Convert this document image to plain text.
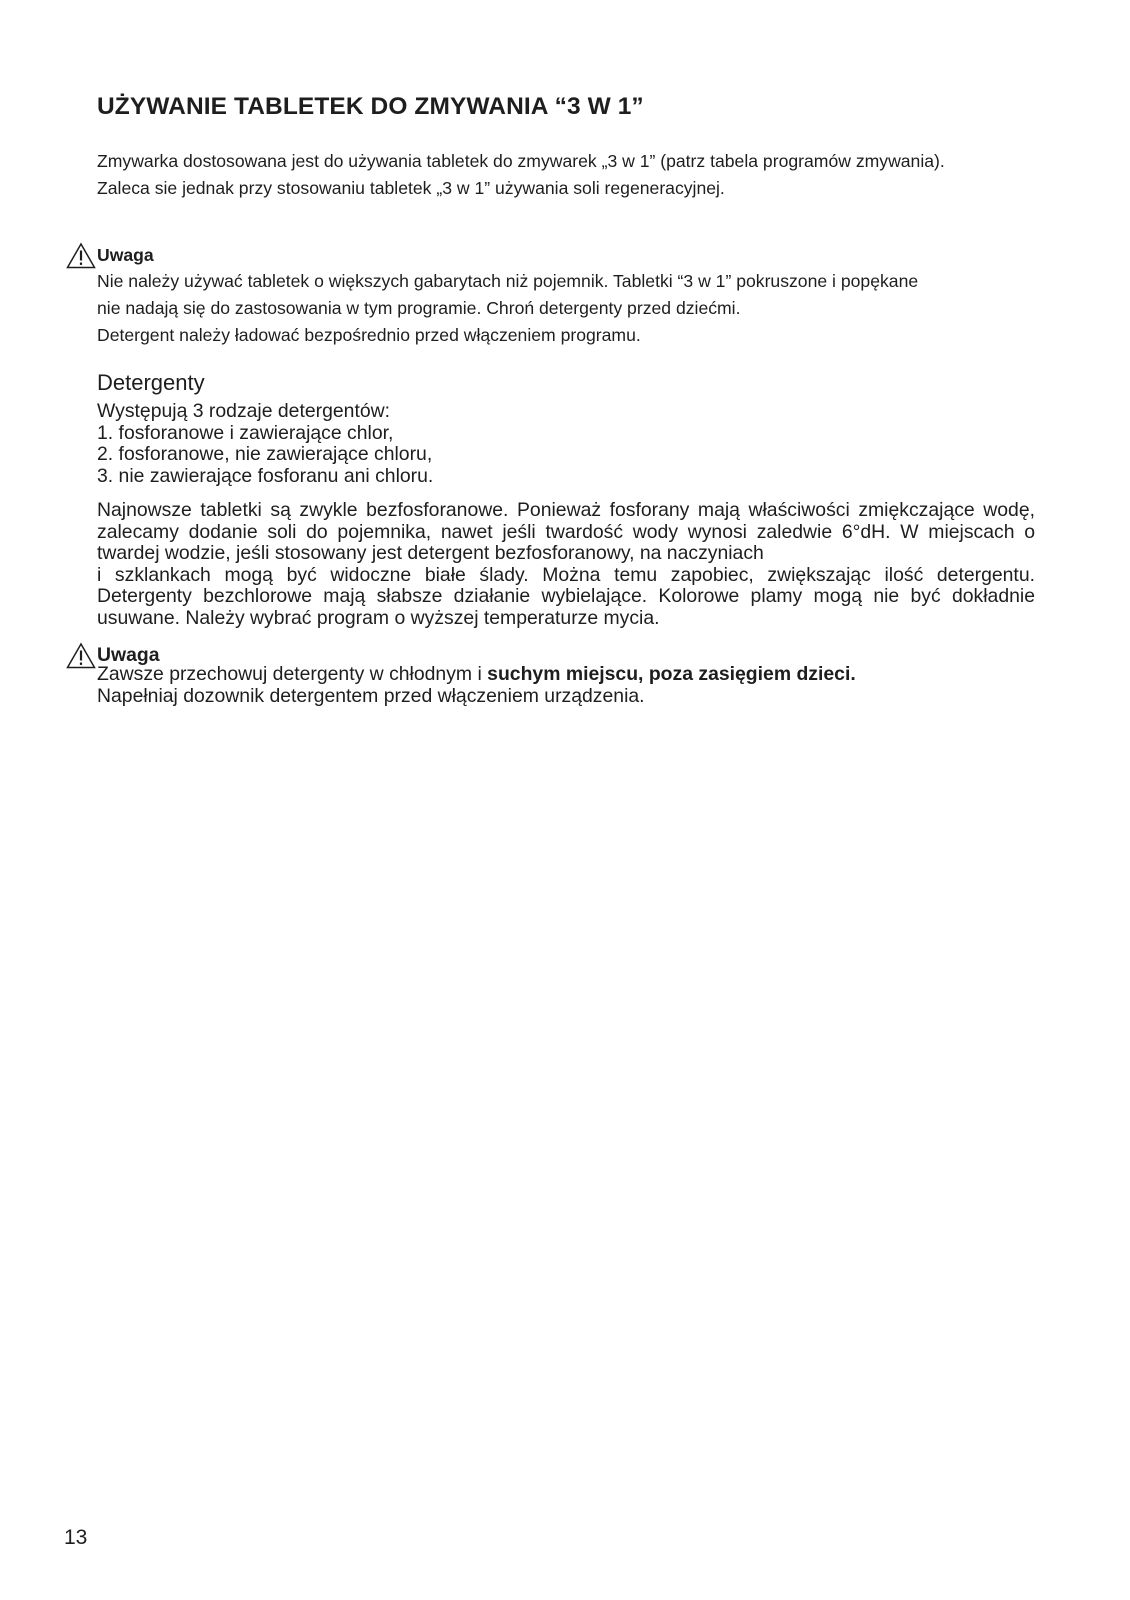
UŻYWANIE TABLETEK DO ZMYWANIA “3 W 1”

Zmywarka dostosowana jest do używania tabletek do zmywarek „3 w 1” (patrz tabela programów zmywania).

Zaleca sie jednak przy stosowaniu tabletek „3 w 1” używania soli regeneracyjnej.

Uwaga

Nie należy używać tabletek o większych gabarytach niż pojemnik. Tabletki “3 w 1” pokruszone i popękane

nie nadają się do zastosowania w tym programie. Chroń detergenty przed dziećmi.

Detergent należy ładować bezpośrednio przed włączeniem programu.

Detergenty

Występują 3 rodzaje detergentów:

1. fosforanowe i zawierające chlor,

2. fosforanowe, nie zawierające chloru,

3. nie zawierające fosforanu ani chloru.

Najnowsze tabletki są zwykle bezfosforanowe. Ponieważ fosforany mają właściwości zmiękczające wodę, zalecamy dodanie soli do pojemnika, nawet jeśli twardość wody wynosi zaledwie 6°dH. W miejscach o twardej wodzie, jeśli stosowany jest detergent bezfosforanowy, na naczyniach

i szklankach mogą być widoczne białe ślady. Można temu zapobiec, zwiększając ilość detergentu. Detergenty bezchlorowe mają słabsze działanie wybielające. Kolorowe plamy mogą nie być dokładnie usuwane. Należy wybrać program o wyższej temperaturze mycia.

Uwaga

Zawsze przechowuj detergenty w chłodnym i suchym miejscu, poza zasięgiem dzieci.

Napełniaj dozownik detergentem przed włączeniem urządzenia.

13
